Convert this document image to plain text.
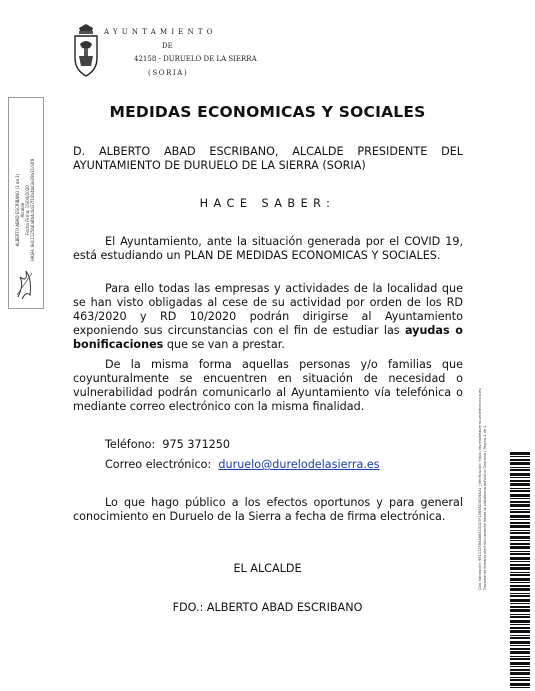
AYUNTAMIENTO
DE
42158 - DURUELO DE LA SIERRA
(SORIA)
ALBERTO ABAD ESCRIBANO (1 de 1) Alcalde Fecha Firma: 15/04/2020 HASH: 9e11125b6a8b4c0d27f10b4bd3e29a31d3f9
MEDIDAS ECONOMICAS Y SOCIALES
D. ALBERTO ABAD ESCRIBANO, ALCALDE PRESIDENTE DEL AYUNTAMIENTO DE DURUELO DE LA SIERRA (SORIA)
HACE SABER:
El Ayuntamiento, ante la situación generada por el COVID 19, está estudiando un PLAN DE MEDIDAS ECONOMICAS Y SOCIALES.
Para ello todas las empresas y actividades de la localidad que se han visto obligadas al cese de su actividad por orden de los RD 463/2020 y RD 10/2020 podrán dirigirse al Ayuntamiento exponiendo sus circunstancias con el fin de estudiar las ayudas o bonificaciones que se van a prestar.
De la misma forma aquellas personas y/o familias que coyunturalmente se encuentren en situación de necesidad o vulnerabilidad podrán comunicarlo al Ayuntamiento vía telefónica o mediante correo electrónico con la misma finalidad.
Teléfono: 975 371250
Correo electrónico: duruelo@durelodelasierra.es
Lo que hago público a los efectos oportunos y para general conocimiento en Duruelo de la Sierra a fecha de firma electrónica.
EL ALCALDE
FDO.: ALBERTO ABAD ESCRIBANO
Cód. Validación: 9E11125B6A8B4C0D27F10B4BD3E29A31 | Verificación: https://durelodelasierra.sedelectronica.es/ Documento firmado electrónicamente desde la plataforma esPublico Gestiona | Página 1 de 1
